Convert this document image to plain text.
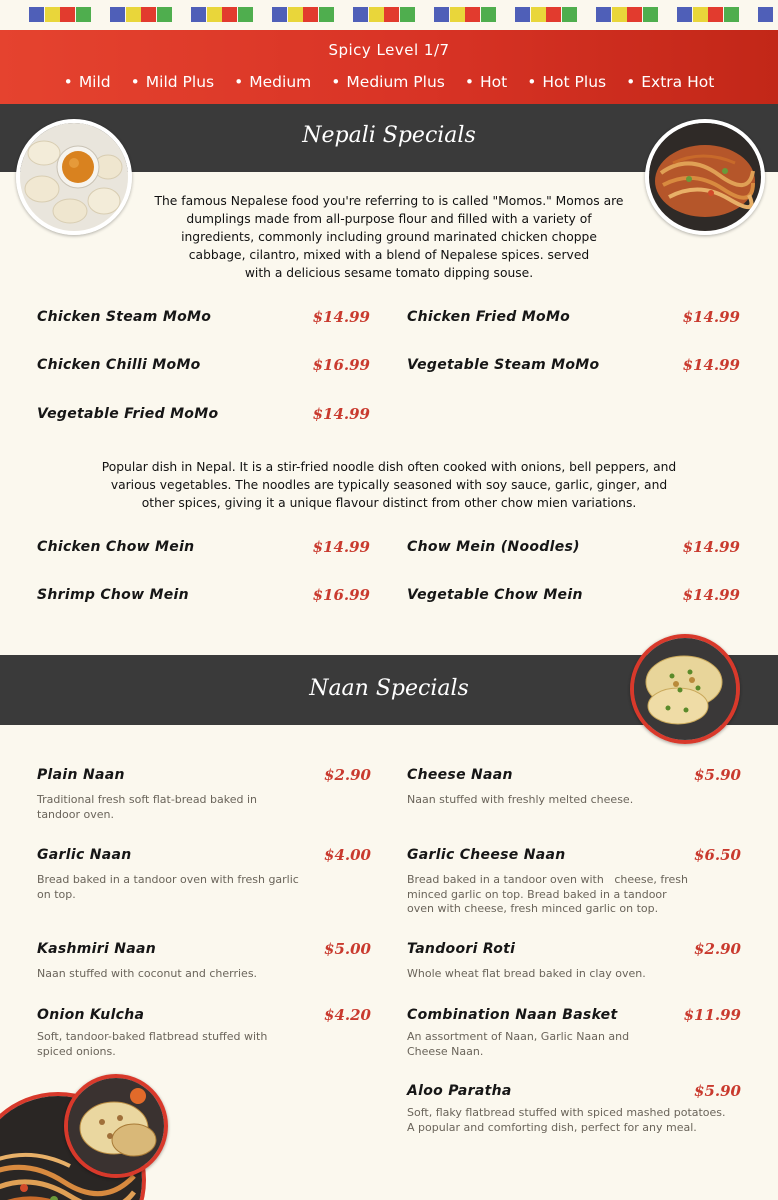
Spicy Level 1/7
• Mild	• Mild Plus	• Medium	• Medium Plus	• Hot	• Hot Plus	• Extra Hot
Nepali Specials
The famous Nepalese food you're referring to is called "Momos." Momos are
dumplings made from all-purpose flour and filled with a variety of
ingredients, commonly including ground marinated chicken choppe
cabbage, cilantro, mixed with a blend of Nepalese spices. served
with a delicious sesame tomato dipping souse.
Chicken Steam MoMo	$14.99	Chicken Fried MoMo	$14.99
Chicken Chilli MoMo	$16.99	Vegetable Steam MoMo	$14.99
Vegetable Fried MoMo	$14.99
Popular dish in Nepal. It is a stir-fried noodle dish often cooked with onions, bell peppers, and
various vegetables. The noodles are typically seasoned with soy sauce, garlic, ginger, and
other spices, giving it a unique flavour distinct from other chow mien variations.
Chicken Chow Mein	$14.99	Chow Mein (Noodles)	$14.99
Shrimp Chow Mein	$16.99	Vegetable Chow Mein	$14.99
Naan Specials
Plain Naan	$2.90
Traditional fresh soft flat-bread baked in
tandoor oven.
Garlic Naan	$4.00
Bread baked in a tandoor oven with fresh garlic
on top.
Kashmiri Naan	$5.00
Naan stuffed with coconut and cherries.
Onion Kulcha	$4.20
Soft, tandoor-baked flatbread stuffed with
spiced onions.
Cheese Naan	$5.90
Naan stuffed with freshly melted cheese.
Garlic Cheese Naan	$6.50
Bread baked in a tandoor oven with   cheese, fresh
minced garlic on top. Bread baked in a tandoor
oven with cheese, fresh minced garlic on top.
Tandoori Roti	$2.90
Whole wheat flat bread baked in clay oven.
Combination Naan Basket	$11.99
An assortment of Naan, Garlic Naan and
Cheese Naan.
Aloo Paratha	$5.90
Soft, flaky flatbread stuffed with spiced mashed potatoes.
A popular and comforting dish, perfect for any meal.
